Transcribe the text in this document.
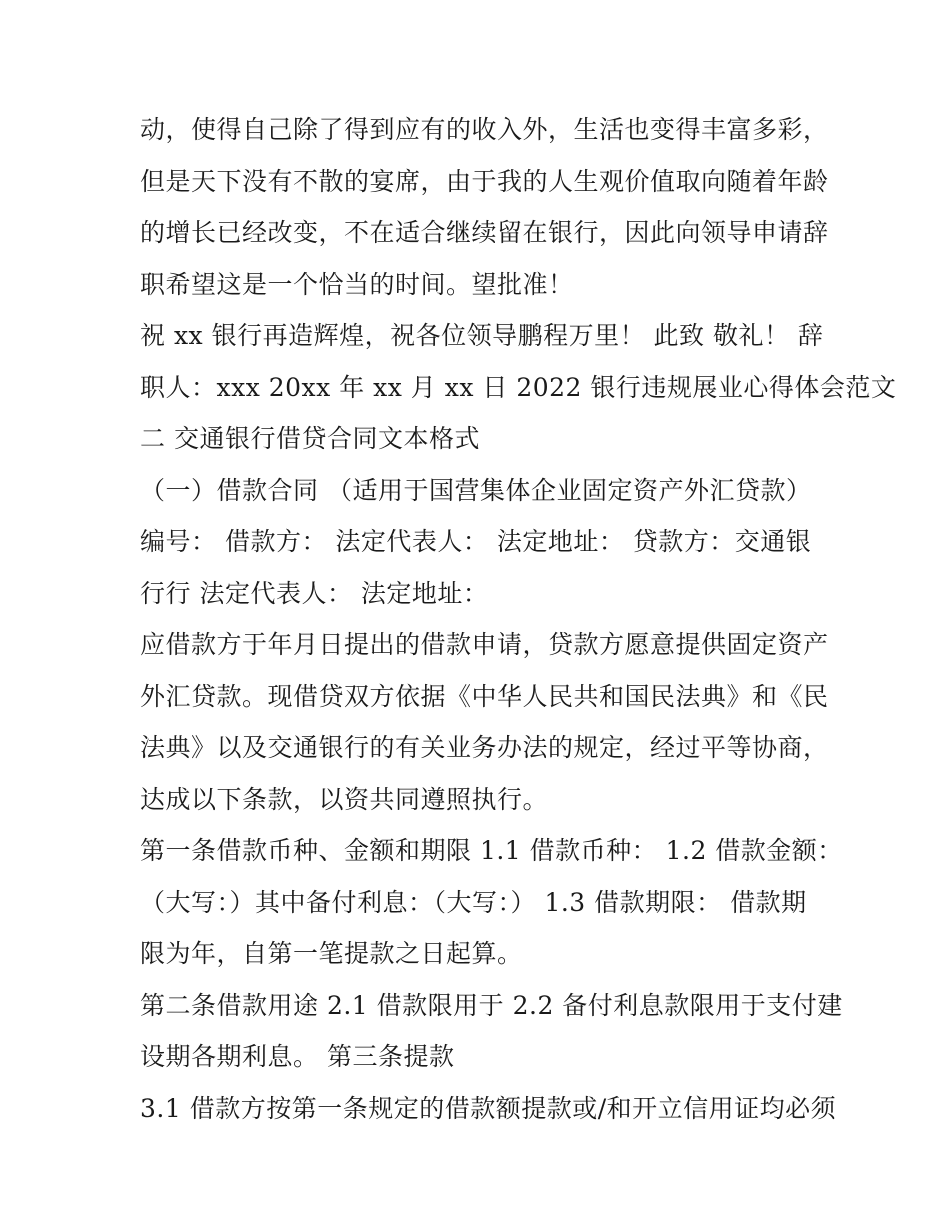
动，使得自己除了得到应有的收入外，生活也变得丰富多彩，
但是天下没有不散的宴席，由于我的人生观价值取向随着年龄
的增长已经改变，不在适合继续留在银行，因此向领导申请辞
职希望这是一个恰当的时间。望批准！
祝 xx 银行再造辉煌，祝各位领导鹏程万里！ 此致 敬礼！ 辞
职人：xxx 20xx 年 xx 月 xx 日 2022 银行违规展业心得体会范文
二 交通银行借贷合同文本格式
（一）借款合同 （适用于国营集体企业固定资产外汇贷款）
编号： 借款方： 法定代表人： 法定地址： 贷款方：交通银
行行 法定代表人： 法定地址：
应借款方于年月日提出的借款申请，贷款方愿意提供固定资产
外汇贷款。现借贷双方依据《中华人民共和国民法典》和《民
法典》以及交通银行的有关业务办法的规定，经过平等协商，
达成以下条款，以资共同遵照执行。
第一条借款币种、金额和期限 1.1 借款币种： 1.2 借款金额：
（大写：）其中备付利息：（大写：） 1.3 借款期限： 借款期
限为年，自第一笔提款之日起算。
第二条借款用途 2.1 借款限用于 2.2 备付利息款限用于支付建
设期各期利息。 第三条提款
3.1 借款方按第一条规定的借款额提款或/和开立信用证均必须
